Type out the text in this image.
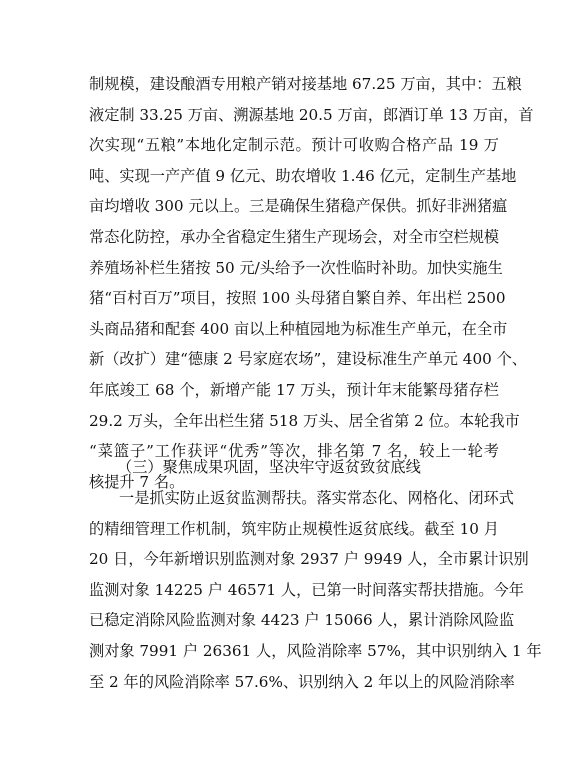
制规模，建设酿酒专用粮产销对接基地 67.25 万亩，其中：五粮
液定制 33.25 万亩、溯源基地 20.5 万亩，郎酒订单 13 万亩，首
次实现“五粮”本地化定制示范。预计可收购合格产品 19 万
吨、实现一产产值 9 亿元、助农增收 1.46 亿元，定制生产基地
亩均增收 300 元以上。三是确保生猪稳产保供。抓好非洲猪瘟
常态化防控，承办全省稳定生猪生产现场会，对全市空栏规模
养殖场补栏生猪按 50 元/头给予一次性临时补助。加快实施生
猪“百村百万”项目，按照 100 头母猪自繁自养、年出栏 2500
头商品猪和配套 400 亩以上种植园地为标准生产单元，在全市
新（改扩）建“德康 2 号家庭农场”，建设标准生产单元 400 个、
年底竣工 68 个，新增产能 17 万头，预计年末能繁母猪存栏
29.2 万头，全年出栏生猪 518 万头、居全省第 2 位。本轮我市
“菜篮子”工作获评“优秀”等次，排名第 7 名，较上一轮考
核提升 7 名。
（三）聚焦成果巩固，坚决牢守返贫致贫底线
一是抓实防止返贫监测帮扶。落实常态化、网格化、闭环式
的精细管理工作机制，筑牢防止规模性返贫底线。截至 10 月
20 日，今年新增识别监测对象 2937 户 9949 人，全市累计识别
监测对象 14225 户 46571 人，已第一时间落实帮扶措施。今年
已稳定消除风险监测对象 4423 户 15066 人，累计消除风险监
测对象 7991 户 26361 人，风险消除率 57%，其中识别纳入 1 年
至 2 年的风险消除率 57.6%、识别纳入 2 年以上的风险消除率
